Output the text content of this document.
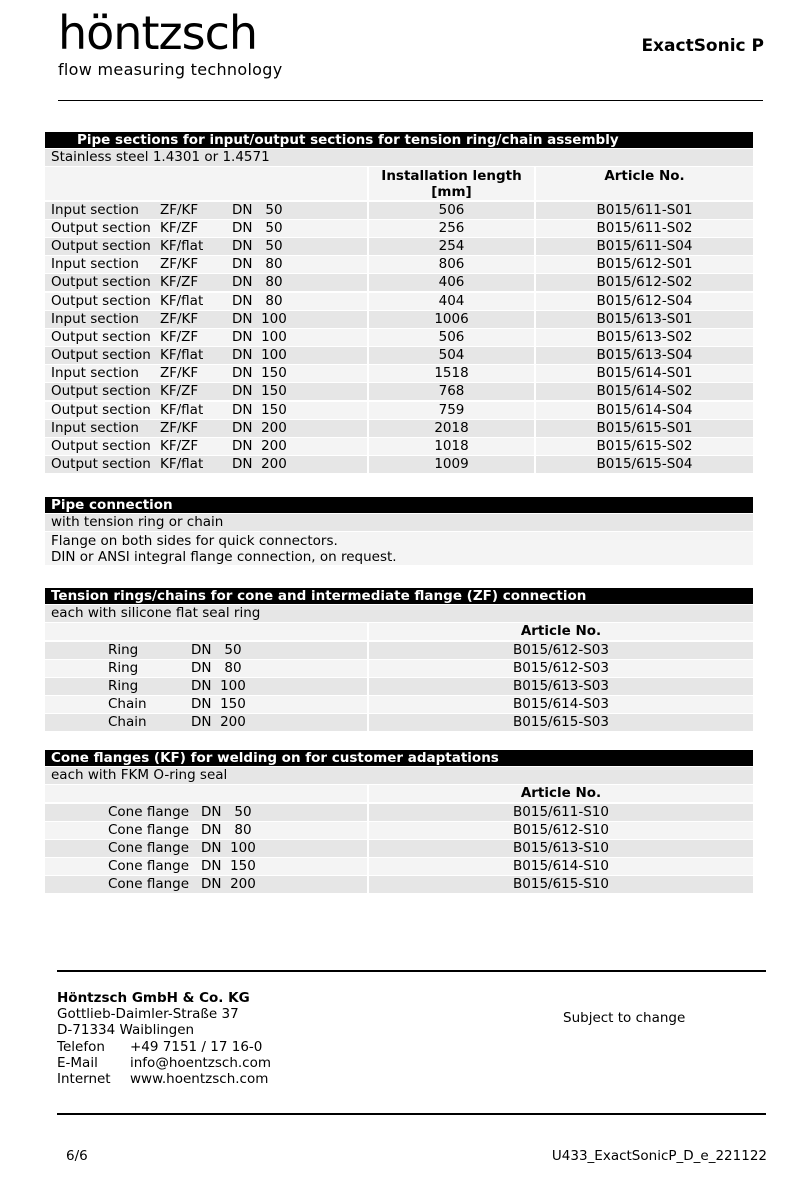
höntzsch
flow measuring technology
ExactSonic P
Pipe sections for input/output sections for tension ring/chain assembly
Stainless steel 1.4301 or 1.4571
Installation length
[mm]
Article No.
Input section ZF/KF	DN   50	506	B015/611-S01
Output section KF/ZF	DN   50	256	B015/611-S02
Output section KF/flat DN   50	254	B015/611-S04
Input section ZF/KF	DN   80	806	B015/612-S01
Output section KF/ZF	DN   80	406	B015/612-S02
Output section KF/flat DN   80	404	B015/612-S04
Input section ZF/KF	DN  100	1006	B015/613-S01
Output section KF/ZF	DN  100	506	B015/613-S02
Output section KF/flat DN  100	504	B015/613-S04
Input section ZF/KF	DN  150	1518	B015/614-S01
Output section KF/ZF	DN  150	768	B015/614-S02
Output section KF/flat DN  150	759	B015/614-S04
Input section ZF/KF	DN  200	2018	B015/615-S01
Output section KF/ZF	DN  200	1018	B015/615-S02
Output section KF/flat DN  200	1009	B015/615-S04
Pipe connection
with tension ring or chain
Flange on both sides for quick connectors.
DIN or ANSI integral flange connection, on request.
Tension rings/chains for cone and intermediate flange (ZF) connection
each with silicone flat seal ring
Article No.
Ring	DN   50	B015/612-S03
Ring	DN   80	B015/612-S03
Ring	DN  100	B015/613-S03
Chain	DN  150	B015/614-S03
Chain	DN  200	B015/615-S03
Cone flanges (KF) for welding on for customer adaptations
each with FKM O-ring seal
Article No.
Cone flange DN   50	B015/611-S10
Cone flange DN   80	B015/612-S10
Cone flange DN  100	B015/613-S10
Cone flange DN  150	B015/614-S10
Cone flange DN  200	B015/615-S10
Höntzsch GmbH & Co. KG
Gottlieb-Daimler-Straße 37
D-71334 Waiblingen
Telefon +49 7151 / 17 16-0
E-Mail info@hoentzsch.com
Internet www.hoentzsch.com
Subject to change
6/6	U433_ExactSonicP_D_e_221122
